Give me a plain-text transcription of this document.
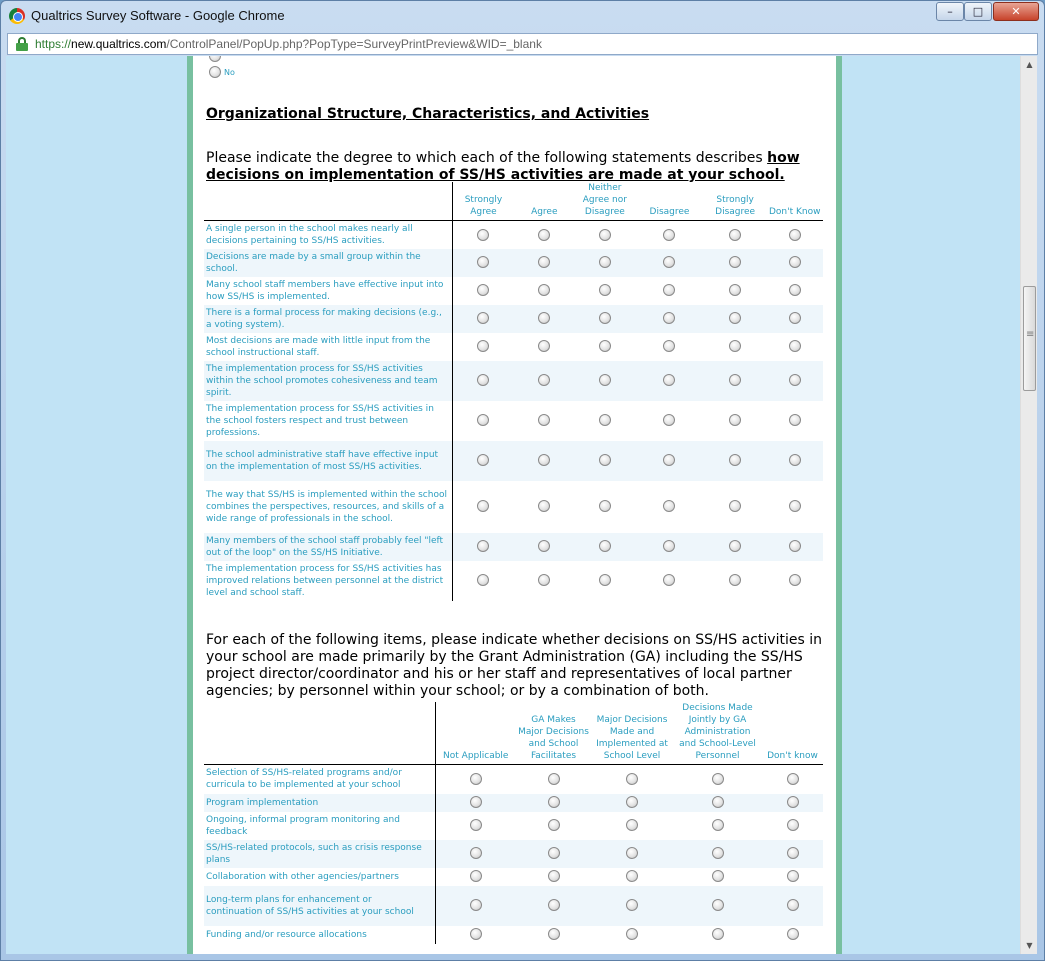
Qualtrics Survey Software - Google Chrome	–	□	✕
https://new.qualtrics.com/ControlPanel/PopUp.php?PopType=SurveyPrintPreview&WID=_blank
No
Organizational Structure, Characteristics, and Activities
Please indicate the degree to which each of the following statements describes how decisions on implementation of SS/HS activities are made at your school.
	Strongly Agree	Agree	Neither Agree nor Disagree	Disagree	Strongly Disagree	Don't Know
A single person in the school makes nearly all decisions pertaining to SS/HS activities.						
Decisions are made by a small group within the school.						
Many school staff members have effective input into how SS/HS is implemented.						
There is a formal process for making decisions (e.g., a voting system).						
Most decisions are made with little input from the school instructional staff.						
The implementation process for SS/HS activities within the school promotes cohesiveness and team spirit.						
The implementation process for SS/HS activities in the school fosters respect and trust between professions.						
The school administrative staff have effective input on the implementation of most SS/HS activities.						
The way that SS/HS is implemented within the school combines the perspectives, resources, and skills of a wide range of professionals in the school.						
Many members of the school staff probably feel "left out of the loop" on the SS/HS Initiative.						
The implementation process for SS/HS activities has improved relations between personnel at the district level and school staff.						
For each of the following items, please indicate whether decisions on SS/HS activities in your school are made primarily by the Grant Administration (GA) including the SS/HS project director/coordinator and his or her staff and representatives of local partner agencies; by personnel within your school; or by a combination of both.
	Not Applicable	GA Makes Major Decisions and School Facilitates	Major Decisions Made and Implemented at School Level	Decisions Made Jointly by GA Administration and School-Level Personnel	Don't know
Selection of SS/HS-related programs and/or curricula to be implemented at your school					
Program implementation					
Ongoing, informal program monitoring and feedback					
SS/HS-related protocols, such as crisis response plans					
Collaboration with other agencies/partners					
Long-term plans for enhancement or continuation of SS/HS activities at your school					
Funding and/or resource allocations					
▲
≡
▼
